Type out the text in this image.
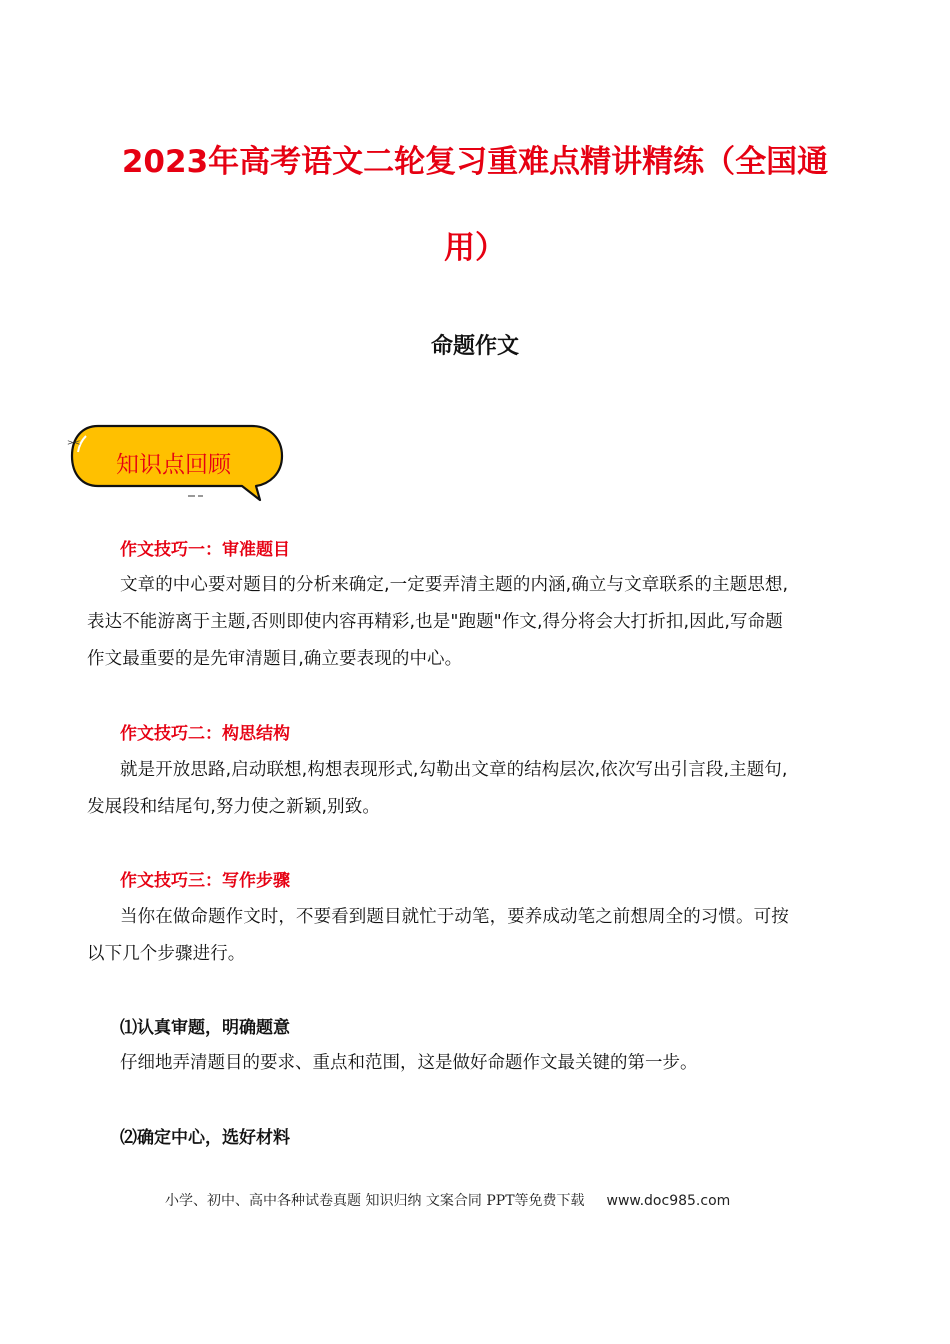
2023年高考语文二轮复习重难点精讲精练（全国通
用）
命题作文
><
知识点回顾
作文技巧一：审准题目

文章的中心要对题目的分析来确定,一定要弄清主题的内涵,确立与文章联系的主题思想,
表达不能游离于主题,否则即使内容再精彩,也是"跑题"作文,得分将会大打折扣,因此,写命题
作文最重要的是先审清题目,确立要表现的中心。

作文技巧二：构思结构

就是开放思路,启动联想,构想表现形式,勾勒出文章的结构层次,依次写出引言段,主题句,
发展段和结尾句,努力使之新颖,别致。

作文技巧三：写作步骤

当你在做命题作文时，不要看到题目就忙于动笔，要养成动笔之前想周全的习惯。可按
以下几个步骤进行。

⑴认真审题，明确题意

仔细地弄清题目的要求、重点和范围，这是做好命题作文最关键的第一步。

⑵确定中心，选好材料
小学、初中、高中各种试卷真题 知识归纳 文案合同 PPT等免费下载 www.doc985.com
